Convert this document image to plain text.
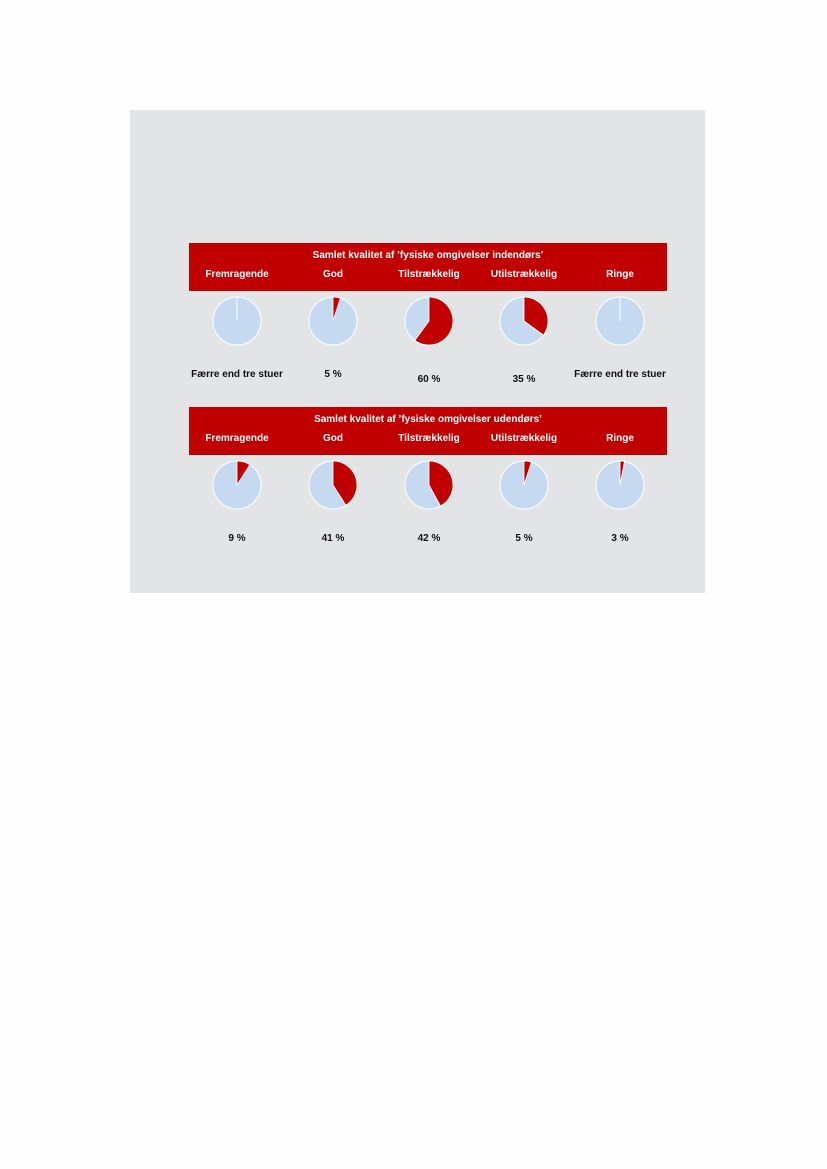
Samlet kvalitet af ’fysiske omgivelser indendørs’
Fremragende	God	Tilstrækkelig	Utilstrækkelig	Ringe
Færre end tre stuer	5 %	60 %	35 %	Færre end tre stuer
Samlet kvalitet af ’fysiske omgivelser udendørs’
Fremragende	God	Tilstrækkelig	Utilstrækkelig	Ringe
9 %	41 %	42 %	5 %	3 %
